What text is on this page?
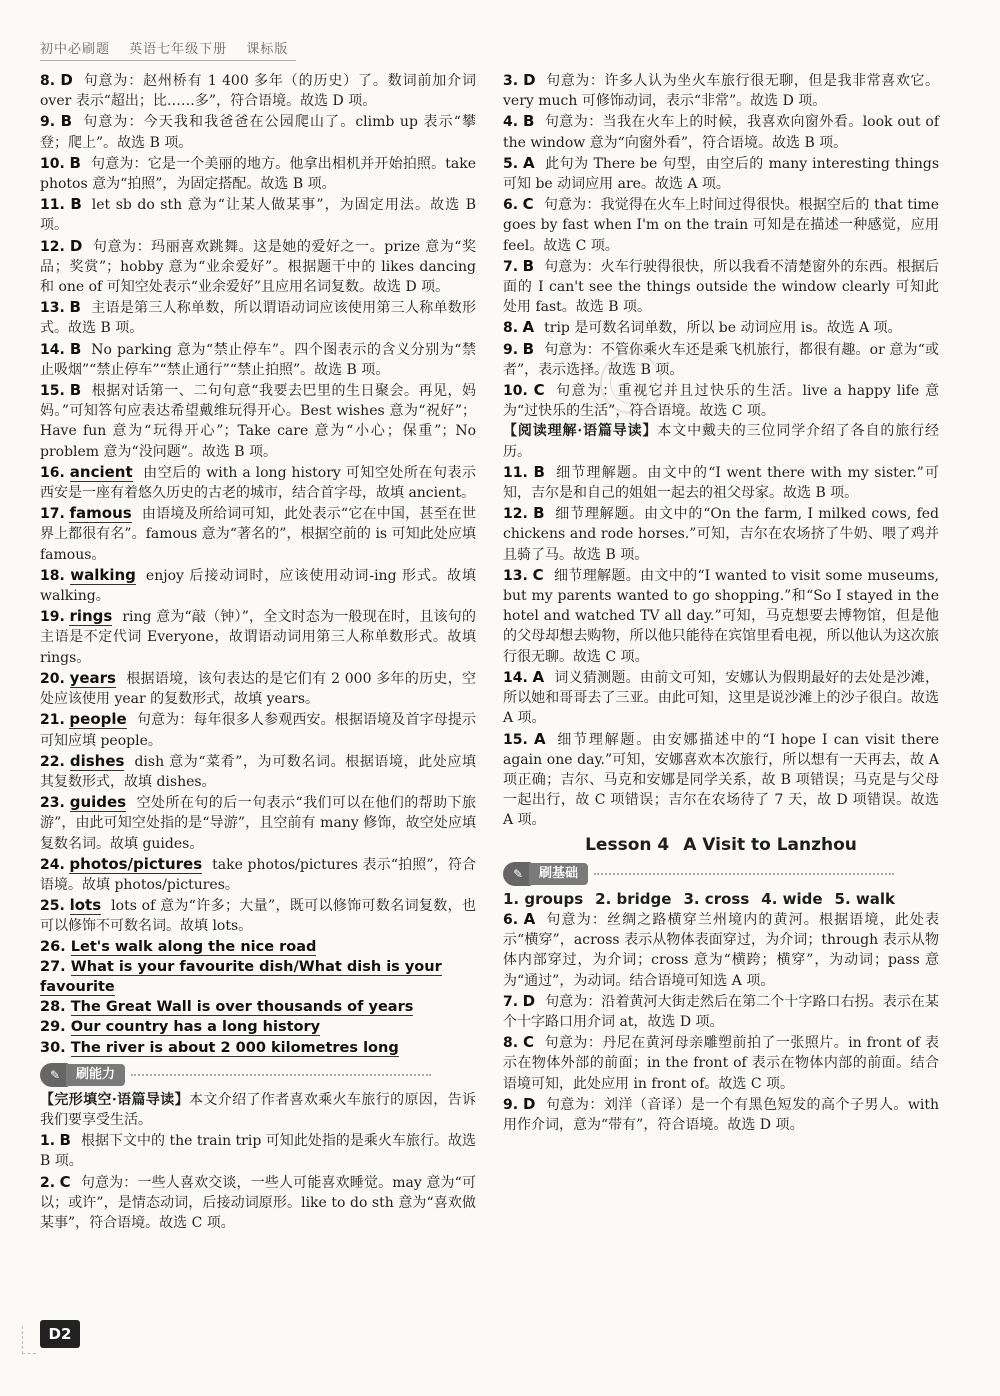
初中必刷题 英语七年级下册 课标版
8. D 句意为：赵州桥有 1 400 多年（的历史）了。数词前加介词 over 表示“超出；比……多”，符合语境。故选 D 项。
9. B 句意为：今天我和我爸爸在公园爬山了。climb up 表示“攀登；爬上”。故选 B 项。
10. B 句意为：它是一个美丽的地方。他拿出相机并开始拍照。take photos 意为“拍照”，为固定搭配。故选 B 项。
11. B let sb do sth 意为“让某人做某事”，为固定用法。故选 B 项。
12. D 句意为：玛丽喜欢跳舞。这是她的爱好之一。prize 意为“奖品；奖赏”；hobby 意为“业余爱好”。根据题干中的 likes dancing 和 one of 可知空处表示“业余爱好”且应用名词复数。故选 D 项。
13. B 主语是第三人称单数，所以谓语动词应该使用第三人称单数形式。故选 B 项。
14. B No parking 意为“禁止停车”。四个图表示的含义分别为“禁止吸烟”“禁止停车”“禁止通行”“禁止拍照”。故选 B 项。
15. B 根据对话第一、二句句意“我要去巴里的生日聚会。再见，妈妈。”可知答句应表达希望戴维玩得开心。Best wishes 意为“祝好”；Have fun 意为“玩得开心”；Take care 意为“小心；保重”；No problem 意为“没问题”。故选 B 项。
16. ancient 由空后的 with a long history 可知空处所在句表示西安是一座有着悠久历史的古老的城市，结合首字母，故填 ancient。
17. famous 由语境及所给词可知，此处表示“它在中国，甚至在世界上都很有名”。famous 意为“著名的”，根据空前的 is 可知此处应填 famous。
18. walking enjoy 后接动词时，应该使用动词-ing 形式。故填 walking。
19. rings ring 意为“敲（钟）”，全文时态为一般现在时，且该句的主语是不定代词 Everyone，故谓语动词用第三人称单数形式。故填 rings。
20. years 根据语境，该句表达的是它们有 2 000 多年的历史，空处应该使用 year 的复数形式，故填 years。
21. people 句意为：每年很多人参观西安。根据语境及首字母提示可知应填 people。
22. dishes dish 意为“菜肴”，为可数名词。根据语境，此处应填其复数形式，故填 dishes。
23. guides 空处所在句的后一句表示“我们可以在他们的帮助下旅游”，由此可知空处指的是“导游”，且空前有 many 修饰，故空处应填复数名词。故填 guides。
24. photos/pictures take photos/pictures 表示“拍照”，符合语境。故填 photos/pictures。
25. lots lots of 意为“许多；大量”，既可以修饰可数名词复数，也可以修饰不可数名词。故填 lots。
26. Let's walk along the nice road
27. What is your favourite dish/What dish is your favourite
28. The Great Wall is over thousands of years
29. Our country has a long history
30. The river is about 2 000 kilometres long
✎	刷能力
【完形填空·语篇导读】本文介绍了作者喜欢乘火车旅行的原因，告诉我们要享受生活。
1. B 根据下文中的 the train trip 可知此处指的是乘火车旅行。故选 B 项。
2. C 句意为：一些人喜欢交谈，一些人可能喜欢睡觉。may 意为“可以；或许”，是情态动词，后接动词原形。like to do sth 意为“喜欢做某事”，符合语境。故选 C 项。
3. D 句意为：许多人认为坐火车旅行很无聊，但是我非常喜欢它。very much 可修饰动词，表示“非常”。故选 D 项。
4. B 句意为：当我在火车上的时候，我喜欢向窗外看。look out of the window 意为“向窗外看”，符合语境。故选 B 项。
5. A 此句为 There be 句型，由空后的 many interesting things 可知 be 动词应用 are。故选 A 项。
6. C 句意为：我觉得在火车上时间过得很快。根据空后的 that time goes by fast when I'm on the train 可知是在描述一种感觉，应用 feel。故选 C 项。
7. B 句意为：火车行驶得很快，所以我看不清楚窗外的东西。根据后面的 I can't see the things outside the window clearly 可知此处用 fast。故选 B 项。
8. A trip 是可数名词单数，所以 be 动词应用 is。故选 A 项。
9. B 句意为：不管你乘火车还是乘飞机旅行，都很有趣。or 意为“或者”，表示选择。故选 B 项。
10. C 句意为：重视它并且过快乐的生活。live a happy life 意为“过快乐的生活”，符合语境。故选 C 项。
【阅读理解·语篇导读】本文中戴夫的三位同学介绍了各自的旅行经历。
11. B 细节理解题。由文中的“I went there with my sister.”可知，吉尔是和自己的姐姐一起去的祖父母家。故选 B 项。
12. B 细节理解题。由文中的“On the farm, I milked cows, fed chickens and rode horses.”可知，吉尔在农场挤了牛奶、喂了鸡并且骑了马。故选 B 项。
13. C 细节理解题。由文中的“I wanted to visit some museums, but my parents wanted to go shopping.”和“So I stayed in the hotel and watched TV all day.”可知，马克想要去博物馆，但是他的父母却想去购物，所以他只能待在宾馆里看电视，所以他认为这次旅行很无聊。故选 C 项。
14. A 词义猜测题。由前文可知，安娜认为假期最好的去处是沙滩，所以她和哥哥去了三亚。由此可知，这里是说沙滩上的沙子很白。故选 A 项。
15. A 细节理解题。由安娜描述中的“I hope I can visit there again one day.”可知，安娜喜欢本次旅行，所以想有一天再去，故 A 项正确；吉尔、马克和安娜是同学关系，故 B 项错误；马克是与父母一起出行，故 C 项错误；吉尔在农场待了 7 天，故 D 项错误。故选 A 项。
Lesson 4 A Visit to Lanzhou
✎	刷基础
1. groups 2. bridge 3. cross 4. wide 5. walk
6. A 句意为：丝绸之路横穿兰州境内的黄河。根据语境，此处表示“横穿”，across 表示从物体表面穿过，为介词；through 表示从物体内部穿过，为介词；cross 意为“横跨；横穿”，为动词；pass 意为“通过”，为动词。结合语境可知选 A 项。
7. D 句意为：沿着黄河大街走然后在第二个十字路口右拐。表示在某个十字路口用介词 at，故选 D 项。
8. C 句意为：丹尼在黄河母亲雕塑前拍了一张照片。in front of 表示在物体外部的前面；in the front of 表示在物体内部的前面。结合语境可知，此处应用 in front of。故选 C 项。
9. D 句意为：刘洋（音译）是一个有黑色短发的高个子男人。with 用作介词，意为“带有”，符合语境。故选 D 项。
D2
